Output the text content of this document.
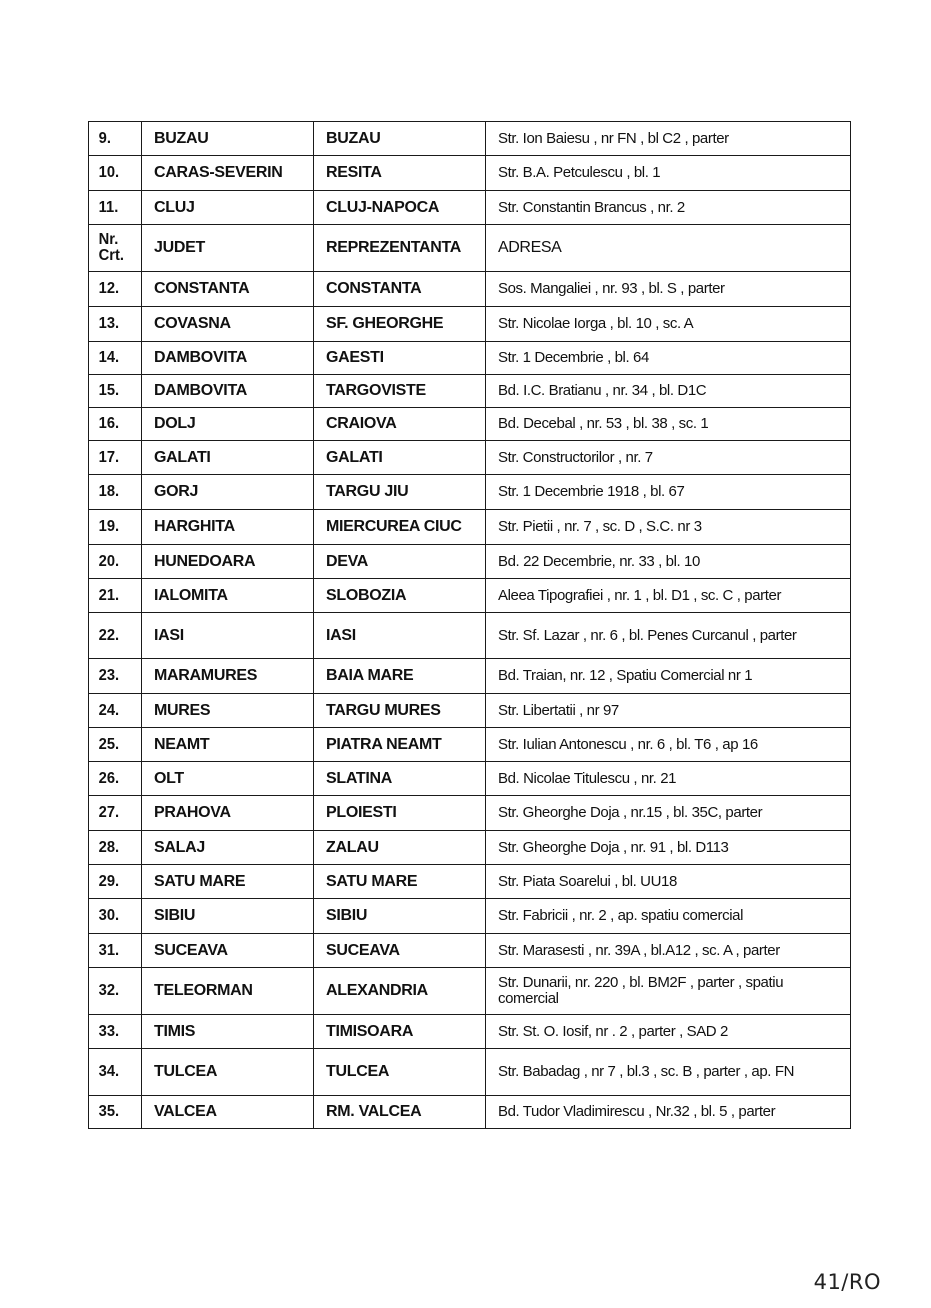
9.	BUZAU	BUZAU	Str. Ion Baiesu , nr FN , bl C2 , parter
10.	CARAS-SEVERIN	RESITA	Str. B.A. Petculescu , bl. 1
11.	CLUJ	CLUJ-NAPOCA	Str. Constantin Brancus , nr. 2
Nr. Crt.	JUDET	REPREZENTANTA	ADRESA
12.	CONSTANTA	CONSTANTA	Sos. Mangaliei , nr. 93 , bl. S , parter
13.	COVASNA	SF. GHEORGHE	Str. Nicolae Iorga , bl. 10 , sc. A
14.	DAMBOVITA	GAESTI	Str. 1 Decembrie , bl. 64
15.	DAMBOVITA	TARGOVISTE	Bd. I.C. Bratianu , nr. 34 , bl. D1C
16.	DOLJ	CRAIOVA	Bd. Decebal , nr. 53 , bl. 38 , sc. 1
17.	GALATI	GALATI	Str. Constructorilor , nr. 7
18.	GORJ	TARGU JIU	Str. 1 Decembrie 1918 , bl. 67
19.	HARGHITA	MIERCUREA CIUC	Str. Pietii , nr. 7 , sc. D , S.C. nr 3
20.	HUNEDOARA	DEVA	Bd. 22 Decembrie, nr. 33 , bl. 10
21.	IALOMITA	SLOBOZIA	Aleea Tipografiei , nr. 1 , bl. D1 , sc. C , parter
22.	IASI	IASI	Str. Sf. Lazar , nr. 6 , bl. Penes Curcanul , parter
23.	MARAMURES	BAIA MARE	Bd. Traian, nr. 12 , Spatiu Comercial nr 1
24.	MURES	TARGU MURES	Str. Libertatii , nr 97
25.	NEAMT	PIATRA NEAMT	Str. Iulian Antonescu , nr. 6 , bl. T6 , ap 16
26.	OLT	SLATINA	Bd. Nicolae Titulescu , nr. 21
27.	PRAHOVA	PLOIESTI	Str. Gheorghe Doja , nr.15 , bl. 35C, parter
28.	SALAJ	ZALAU	Str. Gheorghe Doja , nr. 91 , bl. D113
29.	SATU MARE	SATU MARE	Str. Piata Soarelui , bl. UU18
30.	SIBIU	SIBIU	Str. Fabricii , nr. 2 , ap. spatiu comercial
31.	SUCEAVA	SUCEAVA	Str. Marasesti , nr. 39A , bl.A12 , sc. A , parter
32.	TELEORMAN	ALEXANDRIA	Str. Dunarii, nr. 220 , bl. BM2F , parter , spatiu comercial
33.	TIMIS	TIMISOARA	Str. St. O. Iosif, nr . 2 , parter , SAD 2
34.	TULCEA	TULCEA	Str. Babadag , nr 7 , bl.3 , sc. B , parter , ap. FN
35.	VALCEA	RM. VALCEA	Bd. Tudor Vladimirescu , Nr.32 , bl. 5 , parter
41/RO
